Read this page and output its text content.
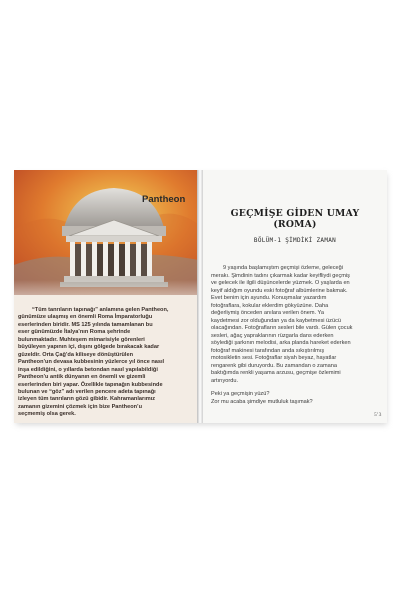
Pantheon

“Tüm tanrıların tapınağı” anlamına gelen Pantheon,

günümüze ulaşmış en önemli Roma İmparatorluğu
eserlerinden biridir. MS 125 yılında tamamlanan bu
eser günümüzde İtalya’nın Roma şehrinde
bulunmaktadır. Muhteşem mimarisiyle görenleri
büyüleyen yapının içi, dışını gölgede bırakacak kadar
güzeldir. Orta Çağ’da kiliseye dönüştürülen
Pantheon’un devasa kubbesinin yüzlerce yıl önce nasıl
inşa edildiğini, o yıllarda betondan nasıl yapılabildiği
Pantheon’u antik dünyanın en önemli ve gizemli
eserlerinden biri yapar. Özellikle tapınağın kubbesinde
bulunan ve “göz” adı verilen pencere adeta tapınağı
izleyen tüm tanrıların gözü gibidir. Kahramanlarımız
zamanın gizemini çözmek için bize Pantheon’u
seçmemiş olsa gerek.
GEÇMİŞE GİDEN UMAY
(ROMA)
BÖLÜM-1 ŞİMDİKİ ZAMAN

9 yaşında başlamıştım geçmişi özleme, geleceği

merakı. Şimdinin tadını çıkarmak kadar keyifliydi geçmiş
ve gelecek ile ilgili düşüncelerde yüzmek. O yaşlarda en
keyif aldığım oyundu eski fotoğraf albümlerine bakmak.
Evet benim için ayundu. Konuşmalar yazardım
fotoğraflara, kokular eklerdim gökyüzüne. Daha
değerliymiş önceden anılara verilen önem. Ya
kaydetmesi zor olduğundan ya da kaybetmesi üzücü
olacağından. Fotoğrafların sesleri bile vardı. Gülen çocuk
sesleri, ağaç yapraklarının rüzgarla dans ederken
söylediği şarkının melodisi, arka planda hareket ederken
fotoğraf makinesi tarafından anda sıkıştırılmış
motosikletin sesi. Fotoğraflar siyah beyaz, hayatlar
rengarenk gibi duruyordu. Bu zamandan o zamana
baktığımda renkli yaşama arzusu, geçmişe özlemimi
artırıyordu.
Peki ya geçmişin yüzü?
Zor mu acaba şimdiye mutluluk taşımak?
5’3
